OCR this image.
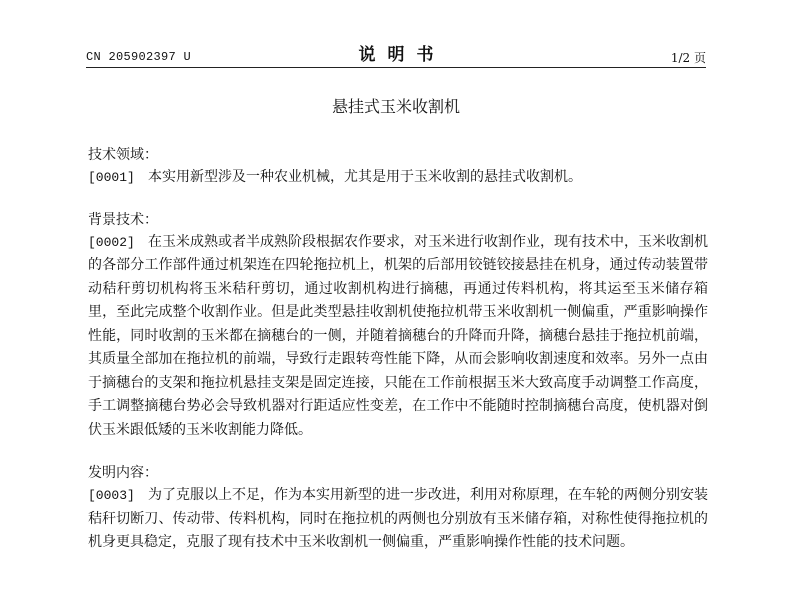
CN 205902397 U	说明书	1/2 页
悬挂式玉米收割机
技术领域：
[0001] 本实用新型涉及一种农业机械，尤其是用于玉米收割的悬挂式收割机。
背景技术：
[0002] 在玉米成熟或者半成熟阶段根据农作要求，对玉米进行收割作业，现有技术中，玉米收割机的各部分工作部件通过机架连在四轮拖拉机上，机架的后部用铰链铰接悬挂在机身，通过传动装置带动秸秆剪切机构将玉米秸秆剪切，通过收割机构进行摘穗，再通过传料机构，将其运至玉米储存箱里，至此完成整个收割作业。但是此类型悬挂收割机使拖拉机带玉米收割机一侧偏重，严重影响操作性能，同时收割的玉米都在摘穗台的一侧，并随着摘穗台的升降而升降，摘穗台悬挂于拖拉机前端，其质量全部加在拖拉机的前端，导致行走跟转弯性能下降，从而会影响收割速度和效率。另外一点由于摘穗台的支架和拖拉机悬挂支架是固定连接，只能在工作前根据玉米大致高度手动调整工作高度，手工调整摘穗台势必会导致机器对行距适应性变差，在工作中不能随时控制摘穗台高度，使机器对倒伏玉米跟低矮的玉米收割能力降低。
发明内容：
[0003] 为了克服以上不足，作为本实用新型的进一步改进，利用对称原理，在车轮的两侧分别安装秸秆切断刀、传动带、传料机构，同时在拖拉机的两侧也分别放有玉米储存箱，对称性使得拖拉机的机身更具稳定，克服了现有技术中玉米收割机一侧偏重，严重影响操作性能的技术问题。
